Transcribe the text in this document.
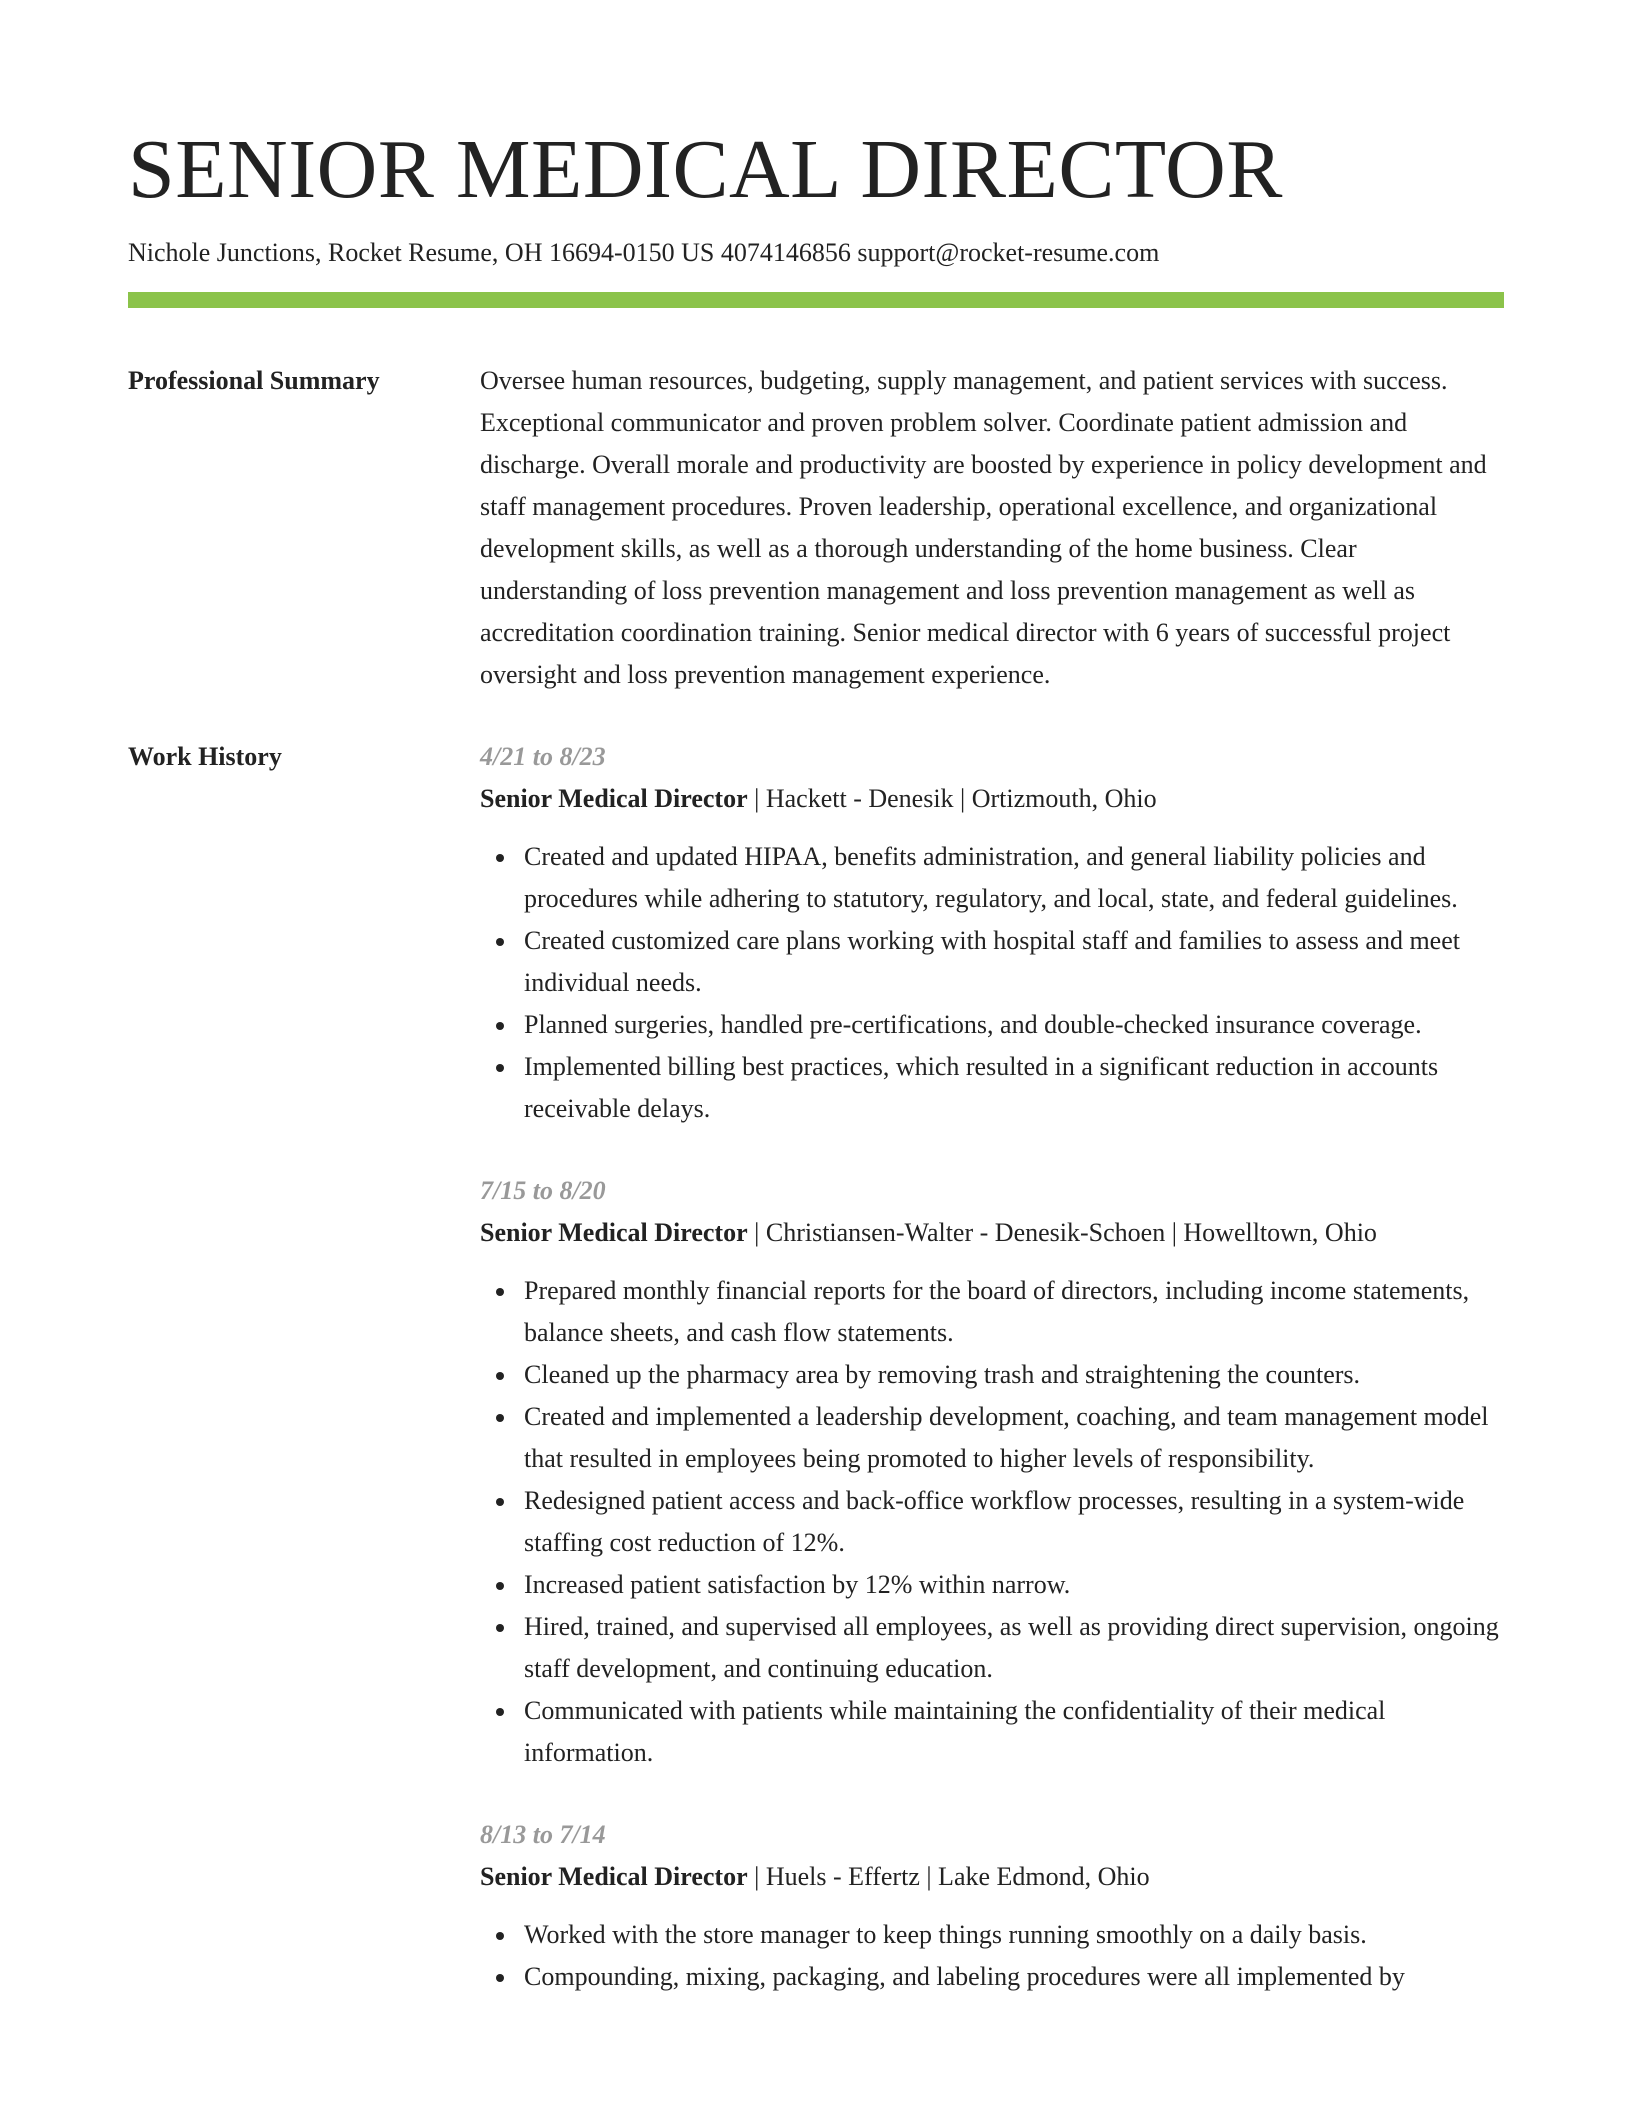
SENIOR MEDICAL DIRECTOR
Nichole Junctions, Rocket Resume, OH 16694-0150 US 4074146856 support@rocket-resume.com
Professional Summary	Oversee human resources, budgeting, supply management, and patient services with success. Exceptional communicator and proven problem solver. Coordinate patient admission and discharge. Overall morale and productivity are boosted by experience in policy development and staff management procedures. Proven leadership, operational excellence, and organizational development skills, as well as a thorough understanding of the home business. Clear understanding of loss prevention management and loss prevention management as well as accreditation coordination training. Senior medical director with 6 years of successful project oversight and loss prevention management experience.

Work History	4/21 to 8/23
Senior Medical Director | Hackett - Denesik | Ortizmouth, Ohio
Created and updated HIPAA, benefits administration, and general liability policies and procedures while adhering to statutory, regulatory, and local, state, and federal guidelines.
Created customized care plans working with hospital staff and families to assess and meet individual needs.
Planned surgeries, handled pre-certifications, and double-checked insurance coverage.
Implemented billing best practices, which resulted in a significant reduction in accounts receivable delays.
7/15 to 8/20
Senior Medical Director | Christiansen-Walter - Denesik-Schoen | Howelltown, Ohio
Prepared monthly financial reports for the board of directors, including income statements, balance sheets, and cash flow statements.
Cleaned up the pharmacy area by removing trash and straightening the counters.
Created and implemented a leadership development, coaching, and team management model that resulted in employees being promoted to higher levels of responsibility.
Redesigned patient access and back-office workflow processes, resulting in a system-wide staffing cost reduction of 12%.
Increased patient satisfaction by 12% within narrow.
Hired, trained, and supervised all employees, as well as providing direct supervision, ongoing staff development, and continuing education.
Communicated with patients while maintaining the confidentiality of their medical information.
8/13 to 7/14
Senior Medical Director | Huels - Effertz | Lake Edmond, Ohio
Worked with the store manager to keep things running smoothly on a daily basis.
Compounding, mixing, packaging, and labeling procedures were all implemented by
